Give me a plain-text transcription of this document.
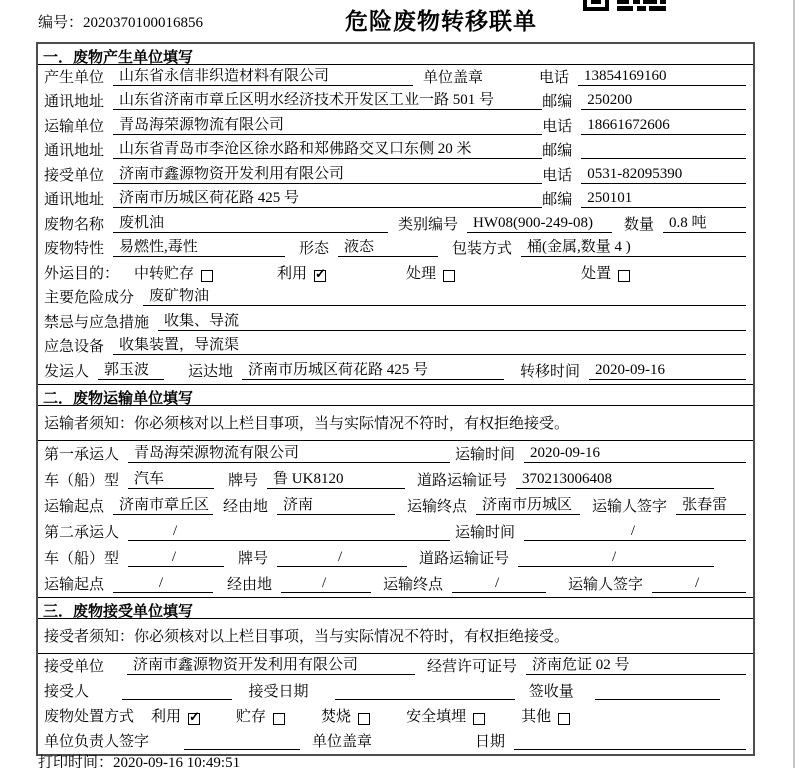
编号：2020370100016856	危险废物转移联单
一．废物产生单位填写
产生单位	山东省永信非织造材料有限公司	单位盖章	电话	13854169160
通讯地址	山东省济南市章丘区明水经济技术开发区工业一路 501 号	邮编	250200
运输单位	青岛海荣源物流有限公司	电话	18661672606
通讯地址	山东省青岛市李沧区徐水路和郑佛路交叉口东侧 20 米	邮编
接受单位	济南市鑫源物资开发利用有限公司	电话	0531-82095390
通讯地址	济南市历城区荷花路 425 号	邮编	250101
废物名称	废机油	类别编号	HW08(900-249-08)	数量	0.8 吨
废物特性	易燃性,毒性	形态	液态	包装方式	桶(金属,数量 4 )
外运目的： 中转贮存	利用 ✓	处理	处置
主要危险成分	废矿物油
禁忌与应急措施	收集、导流
应急设备	收集装置，导流渠
发运人	郭玉波	运达地	济南市历城区荷花路 425 号	转移时间	2020-09-16
二．废物运输单位填写
运输者须知：你必须核对以上栏目事项，当与实际情况不符时，有权拒绝接受。
第一承运人	青岛海荣源物流有限公司	运输时间	2020-09-16
车（船）型	汽车	牌号	鲁 UK8120	道路运输证号	370213006408
运输起点	济南市章丘区 经由地	济南	运输终点	济南市历城区	运输人签字	张春雷
第二承运人	/	运输时间	/
车（船）型	/	牌号	/	道路运输证号	/
运输起点	/	经由地	/	运输终点	/	运输人签字	/
三．废物接受单位填写
接受者须知：你必须核对以上栏目事项，当与实际情况不符时，有权拒绝接受。
接受单位	济南市鑫源物资开发利用有限公司	经营许可证号	济南危证 02 号
接受人	接受日期	签收量
废物处置方式 利用 ✓	贮存	焚烧	安全填埋	其他
单位负责人签字	单位盖章	日期
打印时间：2020-09-16 10:49:51
